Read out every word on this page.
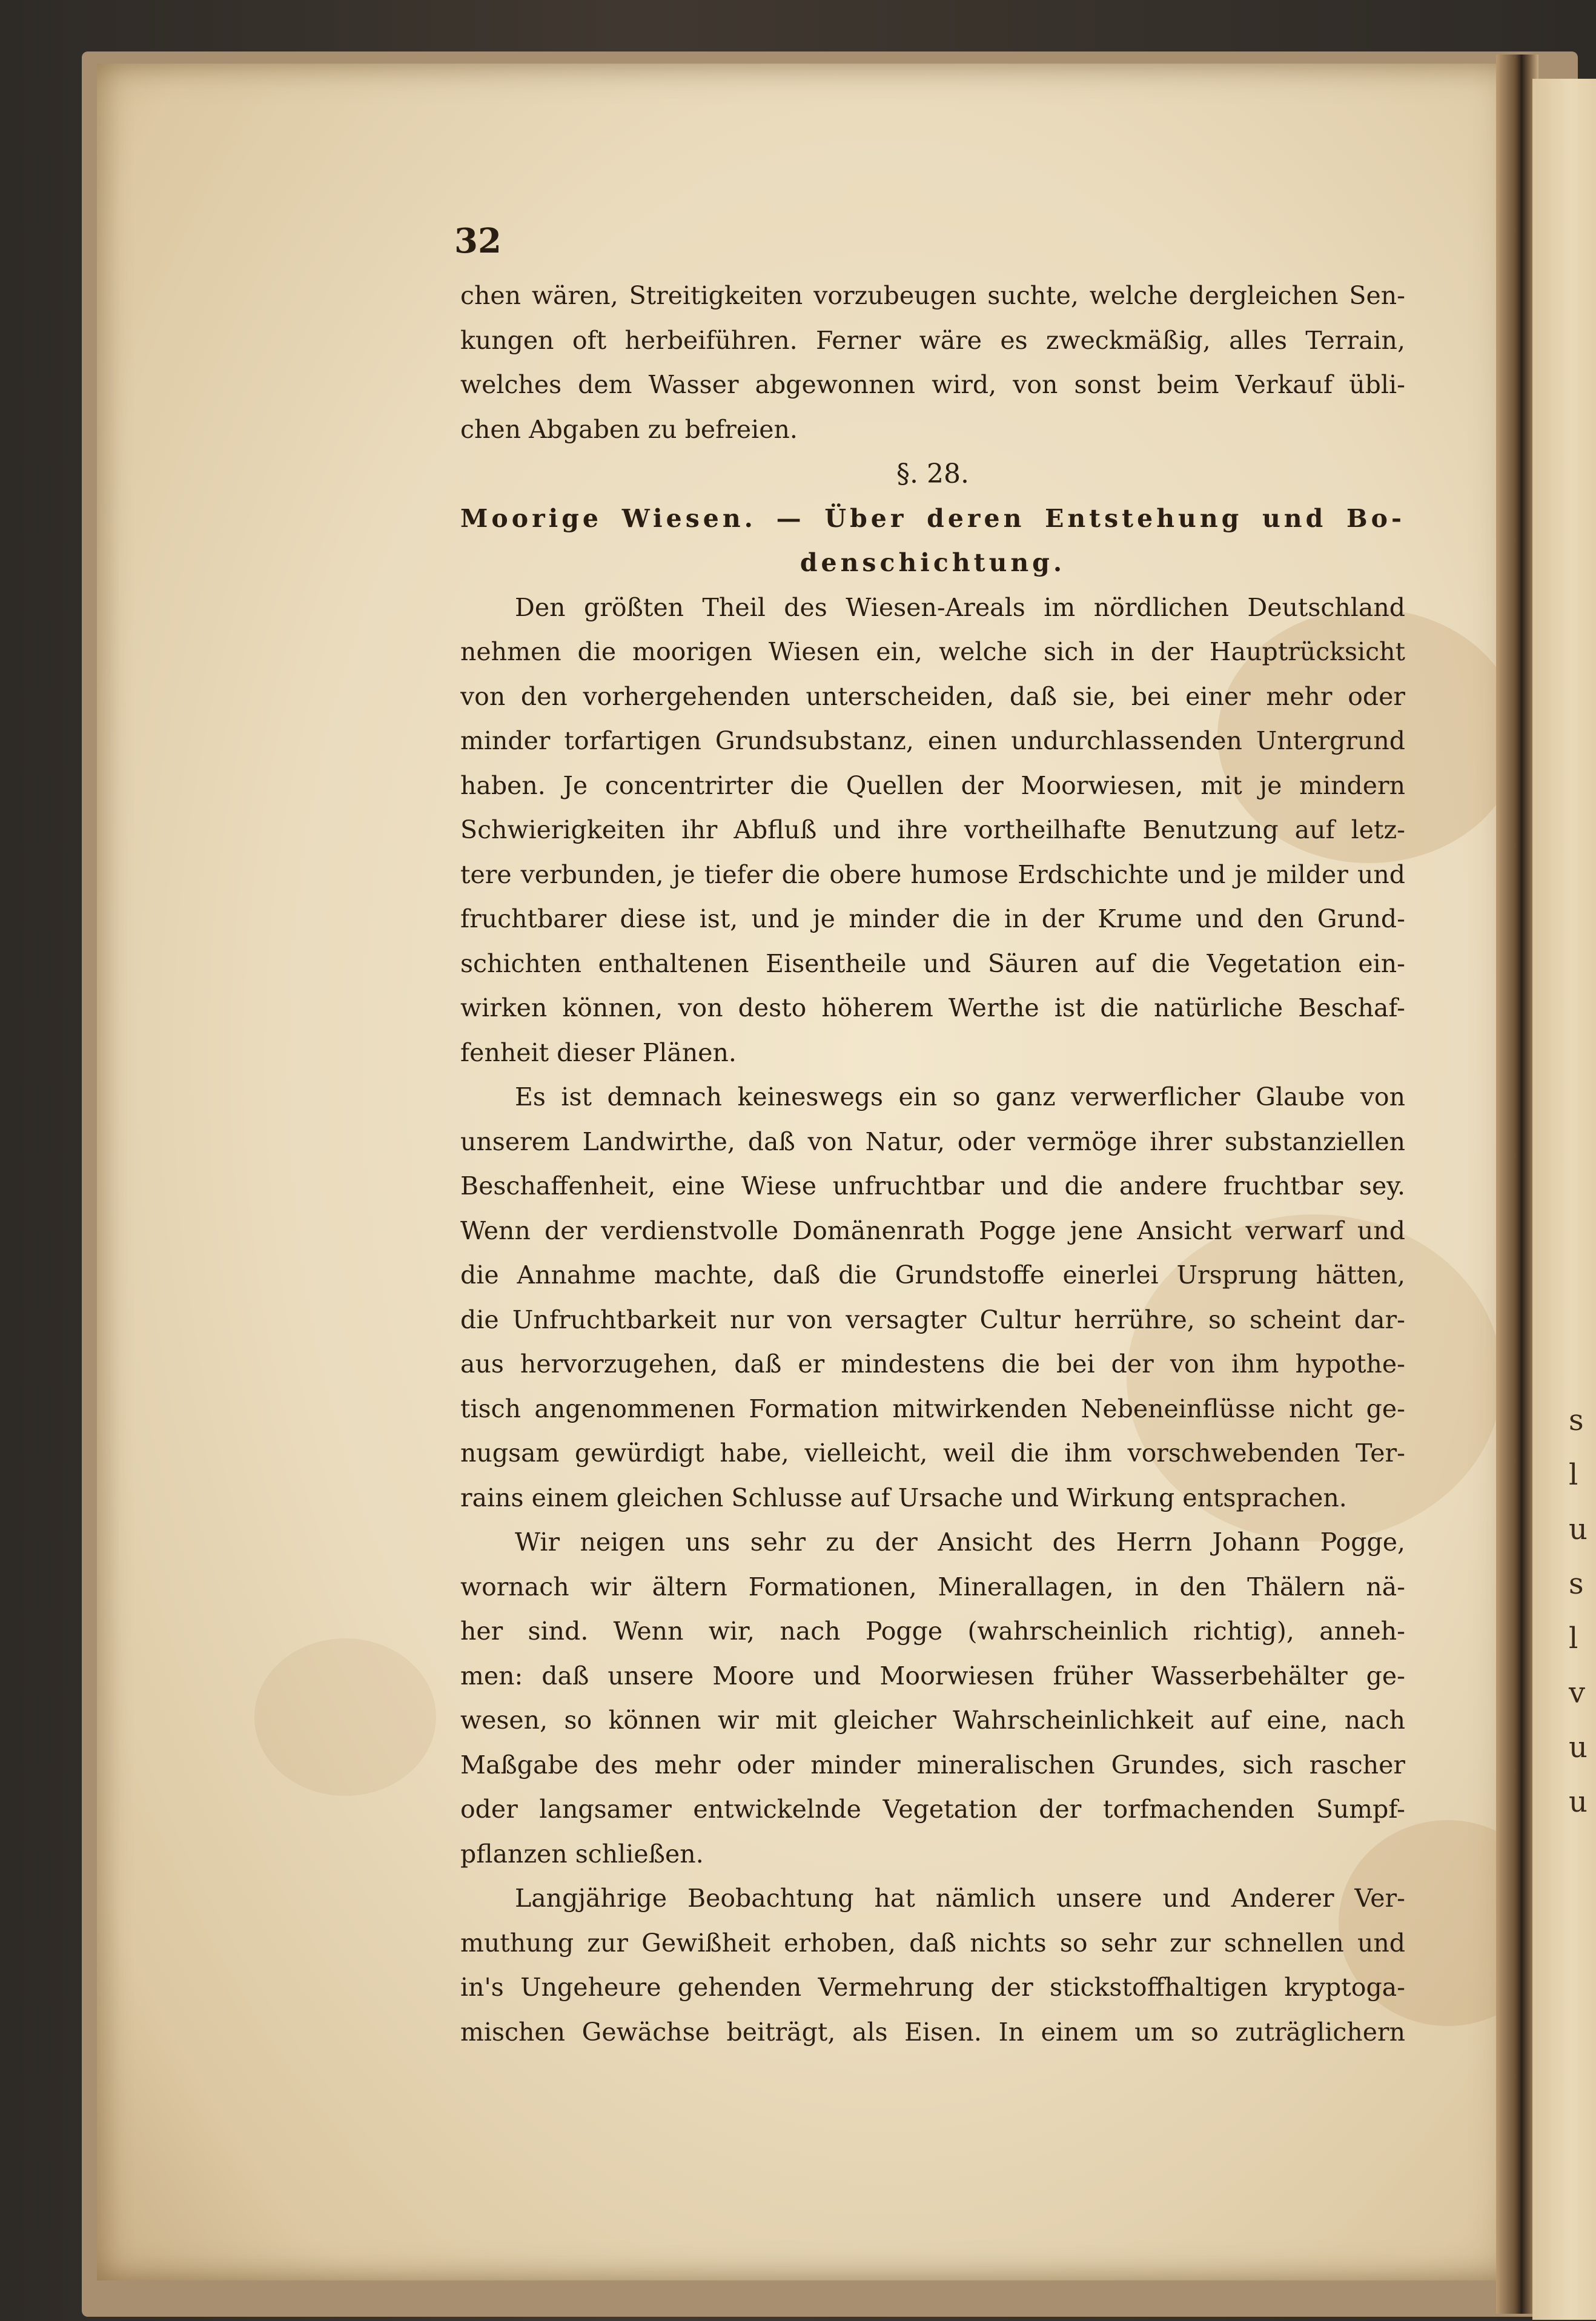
s
l
u
s
l
v
u
u
32
chen wären, Streitigkeiten vorzubeugen suchte, welche dergleichen Sen-
kungen oft herbeiführen. Ferner wäre es zweckmäßig, alles Terrain,
welches dem Wasser abgewonnen wird, von sonst beim Verkauf übli-
chen Abgaben zu befreien.
§. 28.
Moorige Wiesen. — Über deren Entstehung und Bo-
denschichtung.
Den größten Theil des Wiesen-Areals im nördlichen Deutschland
nehmen die moorigen Wiesen ein, welche sich in der Hauptrücksicht
von den vorhergehenden unterscheiden, daß sie, bei einer mehr oder
minder torfartigen Grundsubstanz, einen undurchlassenden Untergrund
haben. Je concentrirter die Quellen der Moorwiesen, mit je mindern
Schwierigkeiten ihr Abfluß und ihre vortheilhafte Benutzung auf letz-
tere verbunden, je tiefer die obere humose Erdschichte und je milder und
fruchtbarer diese ist, und je minder die in der Krume und den Grund-
schichten enthaltenen Eisentheile und Säuren auf die Vegetation ein-
wirken können, von desto höherem Werthe ist die natürliche Beschaf-
fenheit dieser Plänen.
Es ist demnach keineswegs ein so ganz verwerflicher Glaube von
unserem Landwirthe, daß von Natur, oder vermöge ihrer substanziellen
Beschaffenheit, eine Wiese unfruchtbar und die andere fruchtbar sey.
Wenn der verdienstvolle Domänenrath Pogge jene Ansicht verwarf und
die Annahme machte, daß die Grundstoffe einerlei Ursprung hätten,
die Unfruchtbarkeit nur von versagter Cultur herrühre, so scheint dar-
aus hervorzugehen, daß er mindestens die bei der von ihm hypothe-
tisch angenommenen Formation mitwirkenden Nebeneinflüsse nicht ge-
nugsam gewürdigt habe, vielleicht, weil die ihm vorschwebenden Ter-
rains einem gleichen Schlusse auf Ursache und Wirkung entsprachen.
Wir neigen uns sehr zu der Ansicht des Herrn Johann Pogge,
wornach wir ältern Formationen, Minerallagen, in den Thälern nä-
her sind. Wenn wir, nach Pogge (wahrscheinlich richtig), anneh-
men: daß unsere Moore und Moorwiesen früher Wasserbehälter ge-
wesen, so können wir mit gleicher Wahrscheinlichkeit auf eine, nach
Maßgabe des mehr oder minder mineralischen Grundes, sich rascher
oder langsamer entwickelnde Vegetation der torfmachenden Sumpf-
pflanzen schließen.
Langjährige Beobachtung hat nämlich unsere und Anderer Ver-
muthung zur Gewißheit erhoben, daß nichts so sehr zur schnellen und
in's Ungeheure gehenden Vermehrung der stickstoffhaltigen kryptoga-
mischen Gewächse beiträgt, als Eisen. In einem um so zuträglichern
